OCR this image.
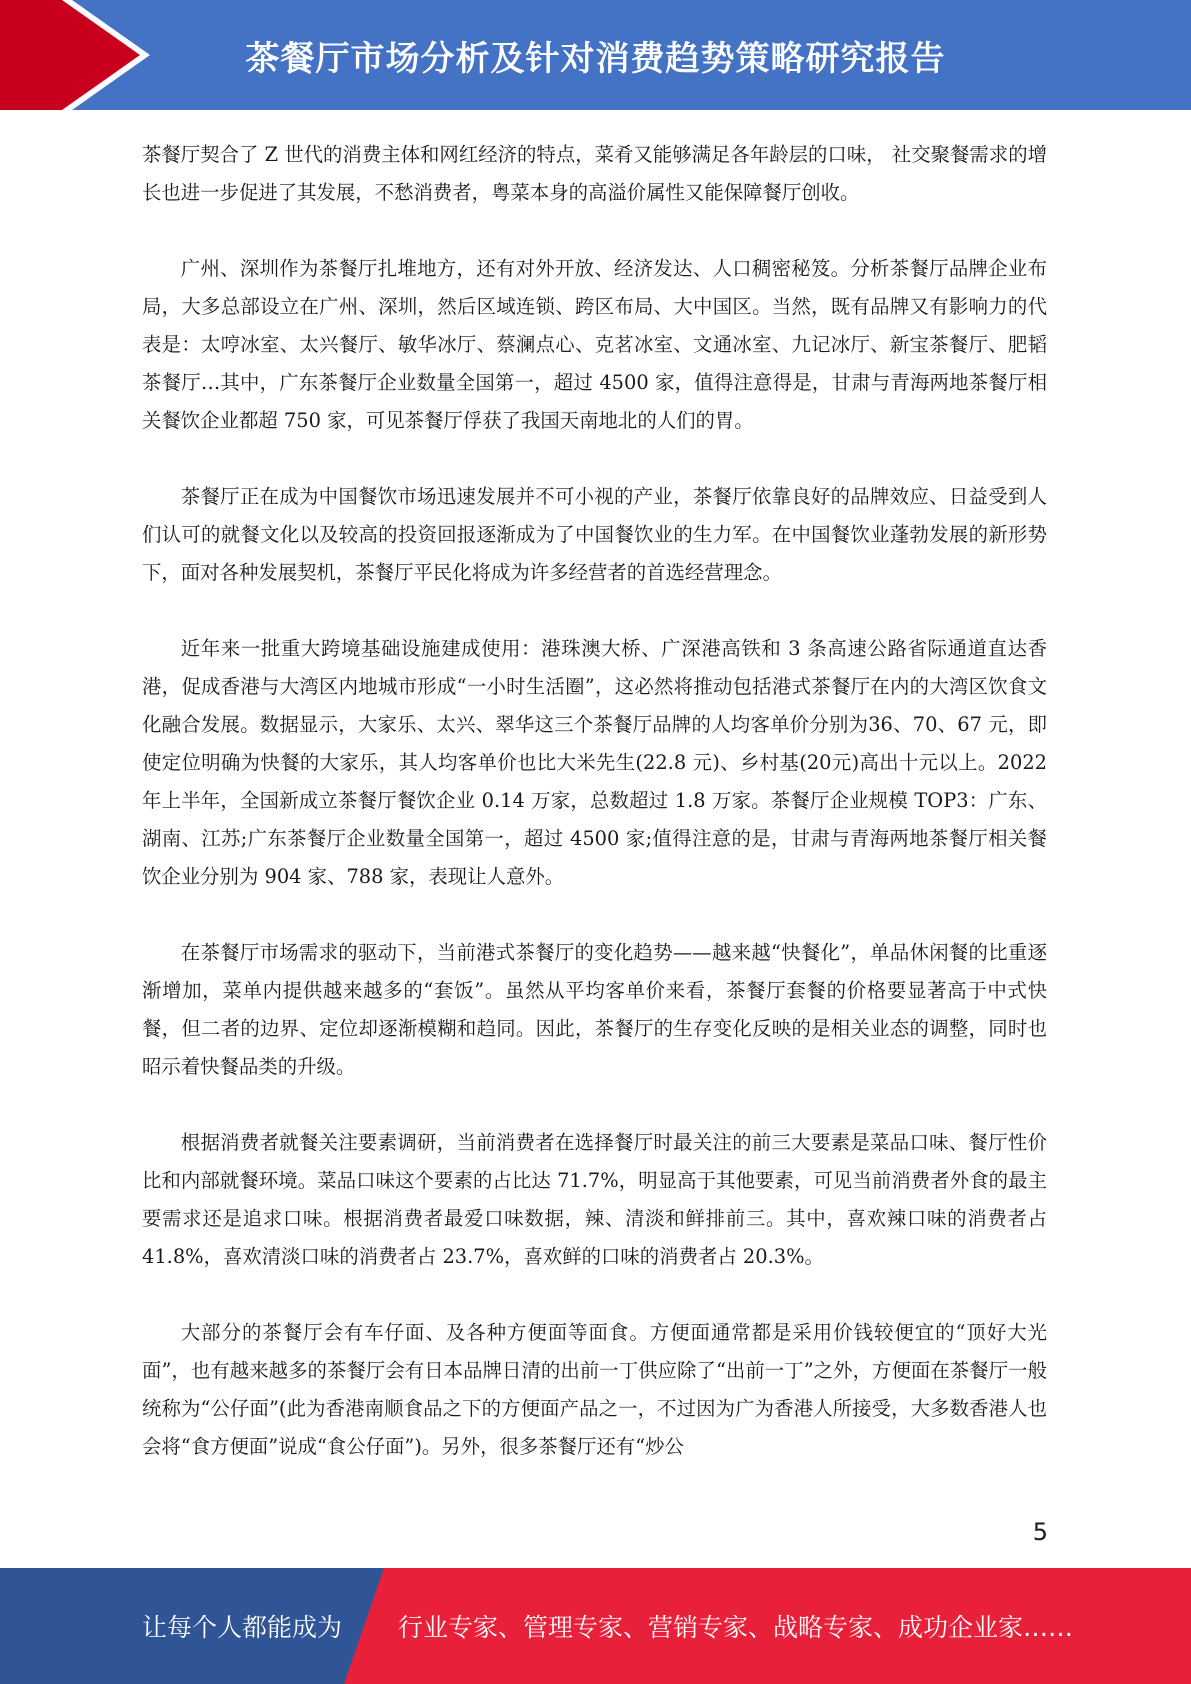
茶餐厅市场分析及针对消费趋势策略研究报告

茶餐厅契合了 Z 世代的消费主体和网红经济的特点，菜肴又能够满足各年龄层的口味， 社交聚餐需求的增长也进一步促进了其发展，不愁消费者，粤菜本身的高溢价属性又能保障餐厅创收。

广州、深圳作为茶餐厅扎堆地方，还有对外开放、经济发达、人口稠密秘笈。分析茶餐厅品牌企业布局，大多总部设立在广州、深圳，然后区域连锁、跨区布局、大中国区。当然，既有品牌又有影响力的代表是：太哼冰室、太兴餐厅、敏华冰厅、蔡澜点心、克茗冰室、文通冰室、九记冰厅、新宝茶餐厅、肥韬茶餐厅…其中，广东茶餐厅企业数量全国第一，超过 4500 家，值得注意得是，甘肃与青海两地茶餐厅相关餐饮企业都超 750 家，可见茶餐厅俘获了我国天南地北的人们的胃。

茶餐厅正在成为中国餐饮市场迅速发展并不可小视的产业，茶餐厅依靠良好的品牌效应、日益受到人们认可的就餐文化以及较高的投资回报逐渐成为了中国餐饮业的生力军。在中国餐饮业蓬勃发展的新形势下，面对各种发展契机，茶餐厅平民化将成为许多经营者的首选经营理念。

近年来一批重大跨境基础设施建成使用：港珠澳大桥、广深港高铁和 3 条高速公路省际通道直达香港，促成香港与大湾区内地城市形成“一小时生活圈”，这必然将推动包括港式茶餐厅在内的大湾区饮食文化融合发展。数据显示，大家乐、太兴、翠华这三个茶餐厅品牌的人均客单价分别为36、70、67 元，即使定位明确为快餐的大家乐，其人均客单价也比大米先生(22.8 元)、乡村基(20元)高出十元以上。2022 年上半年，全国新成立茶餐厅餐饮企业 0.14 万家，总数超过 1.8 万家。茶餐厅企业规模 TOP3：广东、湖南、江苏;广东茶餐厅企业数量全国第一，超过 4500 家;值得注意的是，甘肃与青海两地茶餐厅相关餐饮企业分别为 904 家、788 家，表现让人意外。

在茶餐厅市场需求的驱动下，当前港式茶餐厅的变化趋势——越来越“快餐化”，单品休闲餐的比重逐渐增加，菜单内提供越来越多的“套饭”。虽然从平均客单价来看，茶餐厅套餐的价格要显著高于中式快餐，但二者的边界、定位却逐渐模糊和趋同。因此，茶餐厅的生存变化反映的是相关业态的调整，同时也昭示着快餐品类的升级。

根据消费者就餐关注要素调研，当前消费者在选择餐厅时最关注的前三大要素是菜品口味、餐厅性价比和内部就餐环境。菜品口味这个要素的占比达 71.7%，明显高于其他要素，可见当前消费者外食的最主要需求还是追求口味。根据消费者最爱口味数据，辣、清淡和鲜排前三。其中，喜欢辣口味的消费者占 41.8%，喜欢清淡口味的消费者占 23.7%，喜欢鲜的口味的消费者占 20.3%。

大部分的茶餐厅会有车仔面、及各种方便面等面食。方便面通常都是采用价钱较便宜的“顶好大光面”，也有越来越多的茶餐厅会有日本品牌日清的出前一丁供应除了“出前一丁”之外，方便面在茶餐厅一般统称为“公仔面”(此为香港南顺食品之下的方便面产品之一，不过因为广为香港人所接受，大多数香港人也会将“食方便面”说成“食公仔面”)。另外，很多茶餐厅还有“炒公

5
让每个人都能成为 行业专家、管理专家、营销专家、战略专家、成功企业家……
